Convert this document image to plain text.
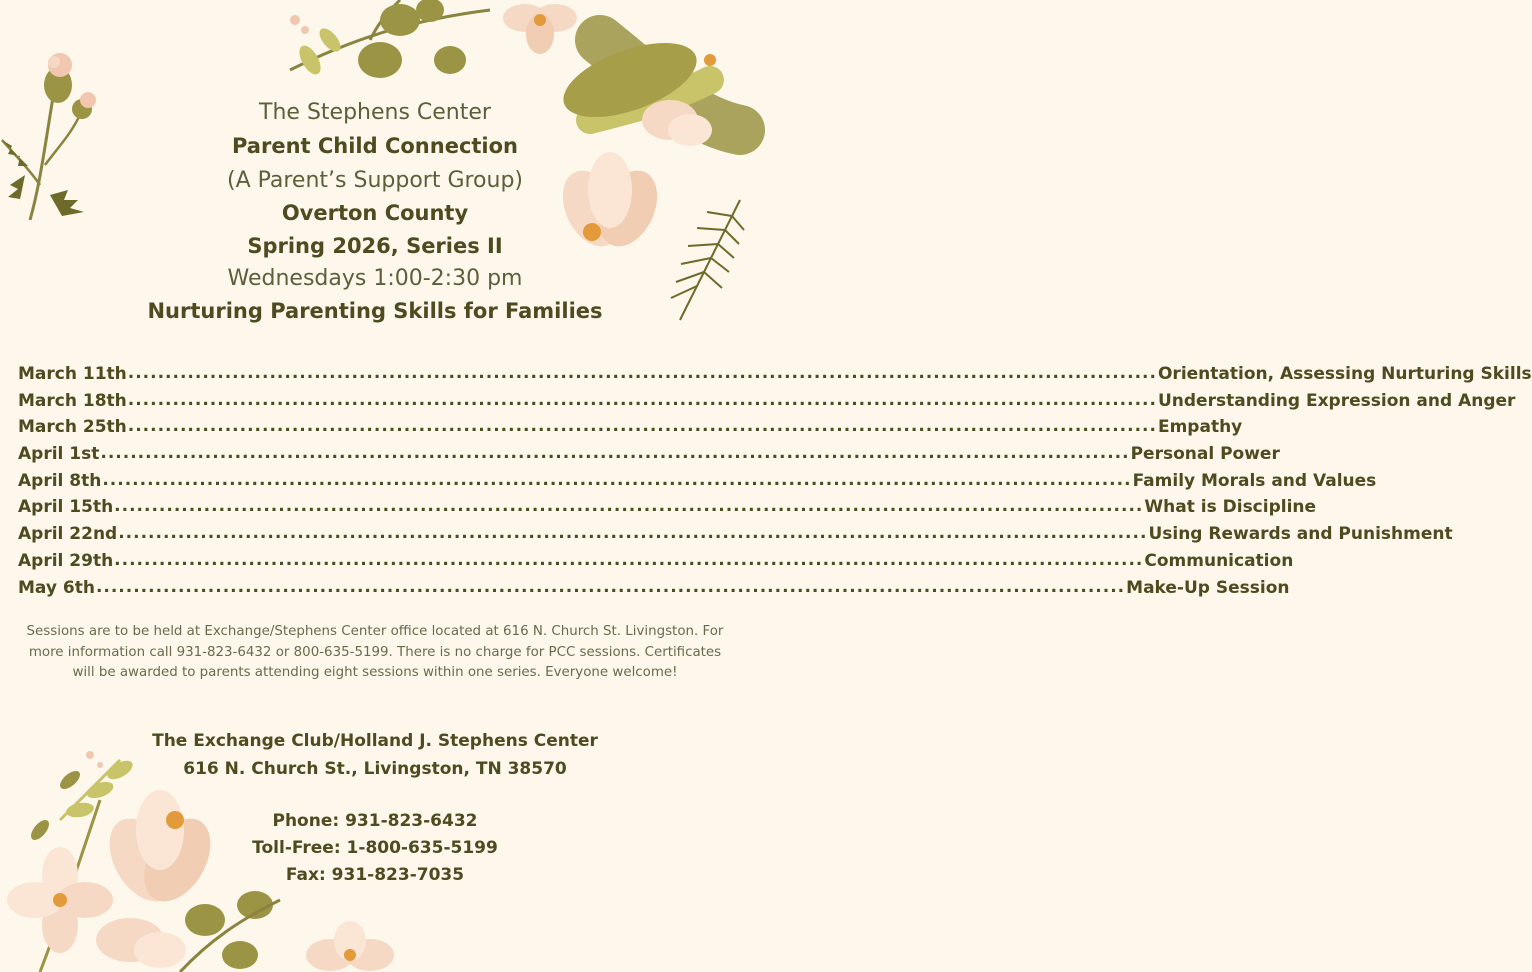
The Stephens Center
Parent Child Connection
(A Parent’s Support Group)
Overton County
Spring 2026, Series II
Wednesdays 1:00-2:30 pm
Nurturing Parenting Skills for Families
March 11th .......................................................................................................................................... Orientation, Assessing Nurturing Skills
March 18th .......................................................................................................................................... Understanding Expression and Anger
March 25th .......................................................................................................................................... Empathy
April 1st .......................................................................................................................................... Personal Power
April 8th .......................................................................................................................................... Family Morals and Values
April 15th .......................................................................................................................................... What is Discipline
April 22nd .......................................................................................................................................... Using Rewards and Punishment
April 29th .......................................................................................................................................... Communication
May 6th .......................................................................................................................................... Make-Up Session
Sessions are to be held at Exchange/Stephens Center office located at 616 N. Church St. Livingston. For more information call 931-823-6432 or 800-635-5199. There is no charge for PCC sessions. Certificates will be awarded to parents attending eight sessions within one series. Everyone welcome!
The Exchange Club/Holland J. Stephens Center
616 N. Church St., Livingston, TN 38570
Phone: 931-823-6432
Toll-Free: 1-800-635-5199
Fax: 931-823-7035
